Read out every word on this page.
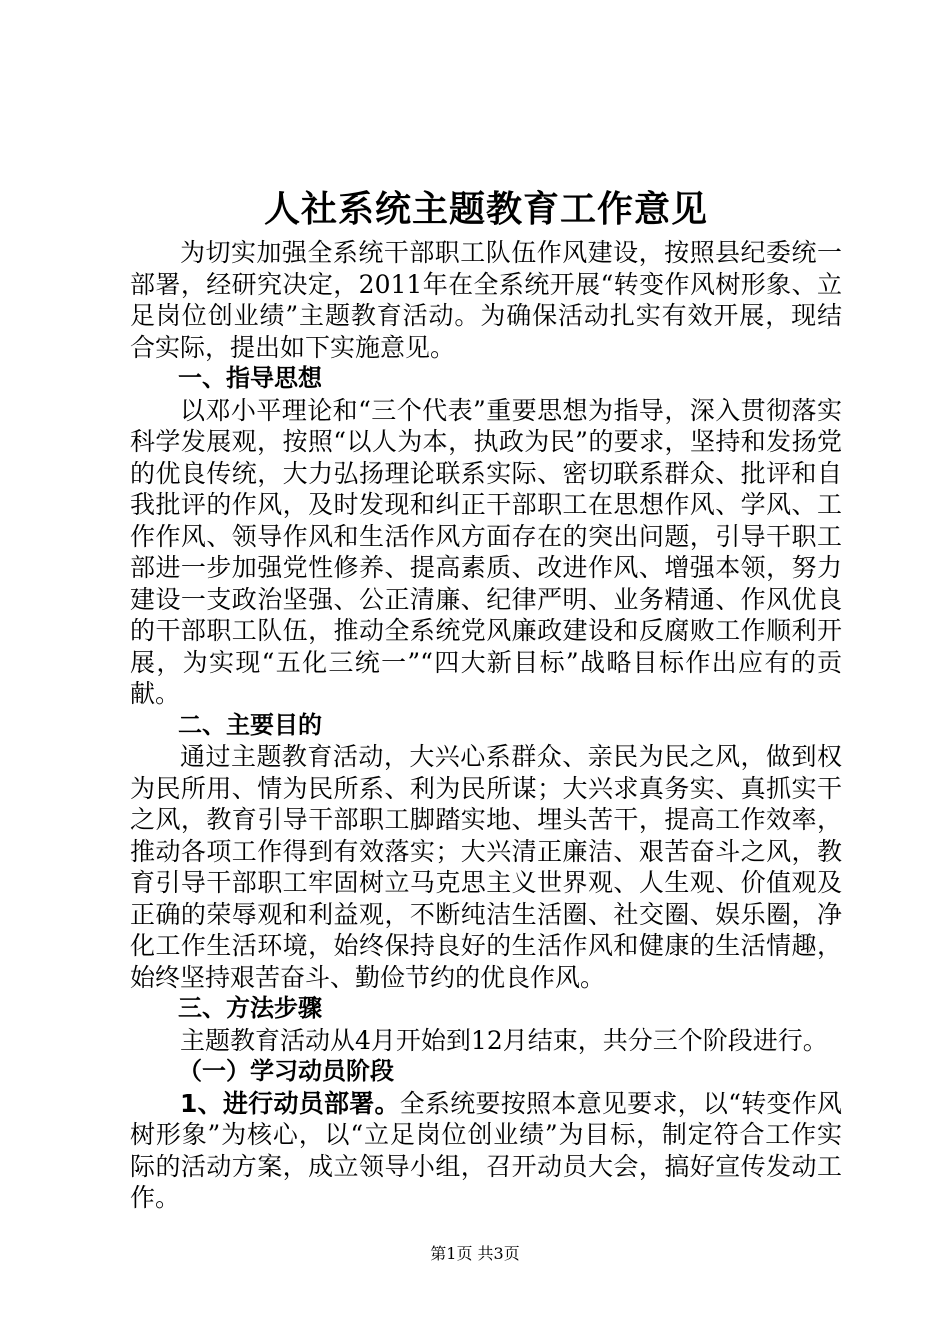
人社系统主题教育工作意见

为切实加强全系统干部职工队伍作风建设，按照县纪委统一部署，经研究决定，2011年在全系统开展“转变作风树形象、立足岗位创业绩”主题教育活动。为确保活动扎实有效开展，现结合实际，提出如下实施意见。

一、指导思想

以邓小平理论和“三个代表”重要思想为指导，深入贯彻落实科学发展观，按照“以人为本，执政为民”的要求，坚持和发扬党的优良传统，大力弘扬理论联系实际、密切联系群众、批评和自我批评的作风，及时发现和纠正干部职工在思想作风、学风、工作作风、领导作风和生活作风方面存在的突出问题，引导干职工部进一步加强党性修养、提高素质、改进作风、增强本领，努力建设一支政治坚强、公正清廉、纪律严明、业务精通、作风优良的干部职工队伍，推动全系统党风廉政建设和反腐败工作顺利开展，为实现“五化三统一”“四大新目标”战略目标作出应有的贡献。

二、主要目的

通过主题教育活动，大兴心系群众、亲民为民之风，做到权为民所用、情为民所系、利为民所谋；大兴求真务实、真抓实干之风，教育引导干部职工脚踏实地、埋头苦干，提高工作效率，推动各项工作得到有效落实；大兴清正廉洁、艰苦奋斗之风，教育引导干部职工牢固树立马克思主义世界观、人生观、价值观及正确的荣辱观和利益观，不断纯洁生活圈、社交圈、娱乐圈，净化工作生活环境，始终保持良好的生活作风和健康的生活情趣，始终坚持艰苦奋斗、勤俭节约的优良作风。

三、方法步骤

主题教育活动从4月开始到12月结束，共分三个阶段进行。

（一）学习动员阶段

1、进行动员部署。全系统要按照本意见要求，以“转变作风树形象”为核心，以“立足岗位创业绩”为目标，制定符合工作实际的活动方案，成立领导小组，召开动员大会，搞好宣传发动工作。

第1页 共3页
